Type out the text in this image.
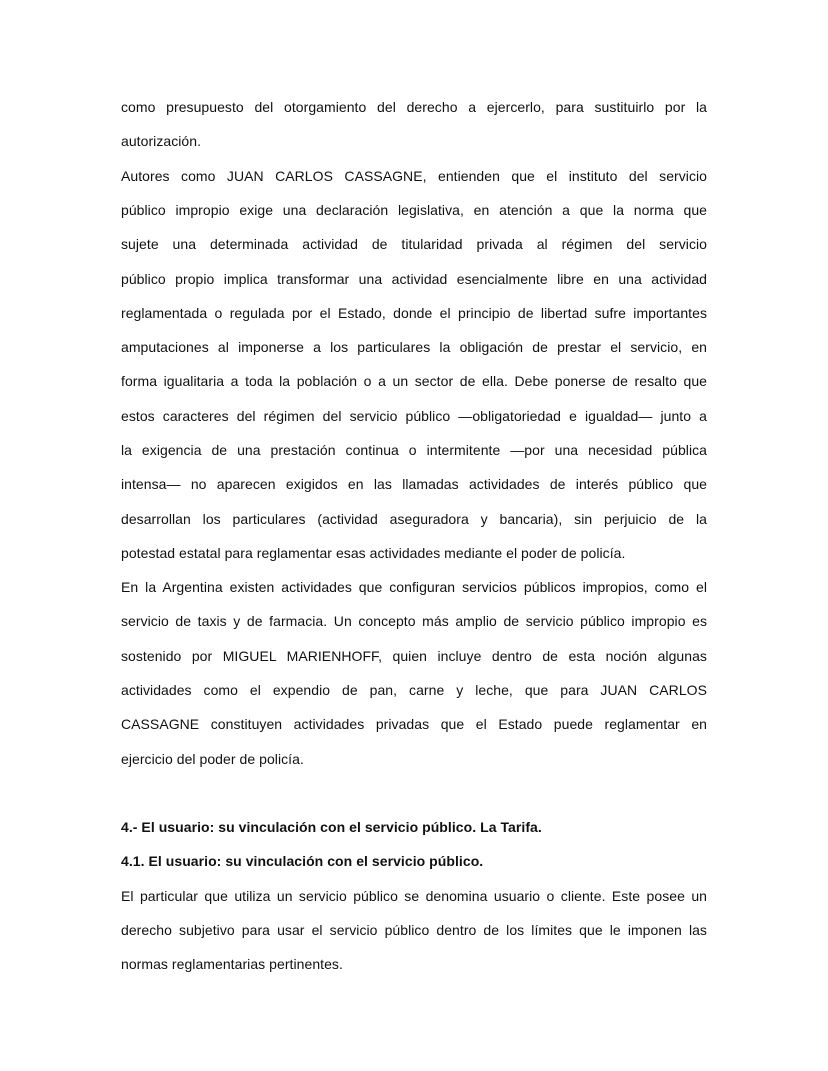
como presupuesto del otorgamiento del derecho a ejercerlo, para sustituirlo por la
autorización.
Autores como JUAN CARLOS CASSAGNE, entienden que el instituto del servicio
público impropio exige una declaración legislativa, en atención a que la norma que
sujete una determinada actividad de titularidad privada al régimen del servicio
público propio implica transformar una actividad esencialmente libre en una actividad
reglamentada o regulada por el Estado, donde el principio de libertad sufre importantes
amputaciones al imponerse a los particulares la obligación de prestar el servicio, en
forma igualitaria a toda la población o a un sector de ella. Debe ponerse de resalto que
estos caracteres del régimen del servicio público —obligatoriedad e igualdad— junto a
la exigencia de una prestación continua o intermitente —por una necesidad pública
intensa— no aparecen exigidos en las llamadas actividades de interés público que
desarrollan los particulares (actividad aseguradora y bancaria), sin perjuicio de la
potestad estatal para reglamentar esas actividades mediante el poder de policía.
En la Argentina existen actividades que configuran servicios públicos impropios, como el
servicio de taxis y de farmacia. Un concepto más amplio de servicio público impropio es
sostenido por MIGUEL MARIENHOFF, quien incluye dentro de esta noción algunas
actividades como el expendio de pan, carne y leche, que para JUAN CARLOS
CASSAGNE constituyen actividades privadas que el Estado puede reglamentar en
ejercicio del poder de policía.
4.- El usuario: su vinculación con el servicio público. La Tarifa.
4.1. El usuario: su vinculación con el servicio público.
El particular que utiliza un servicio público se denomina usuario o cliente. Este posee un
derecho subjetivo para usar el servicio público dentro de los límites que le imponen las
normas reglamentarias pertinentes.
